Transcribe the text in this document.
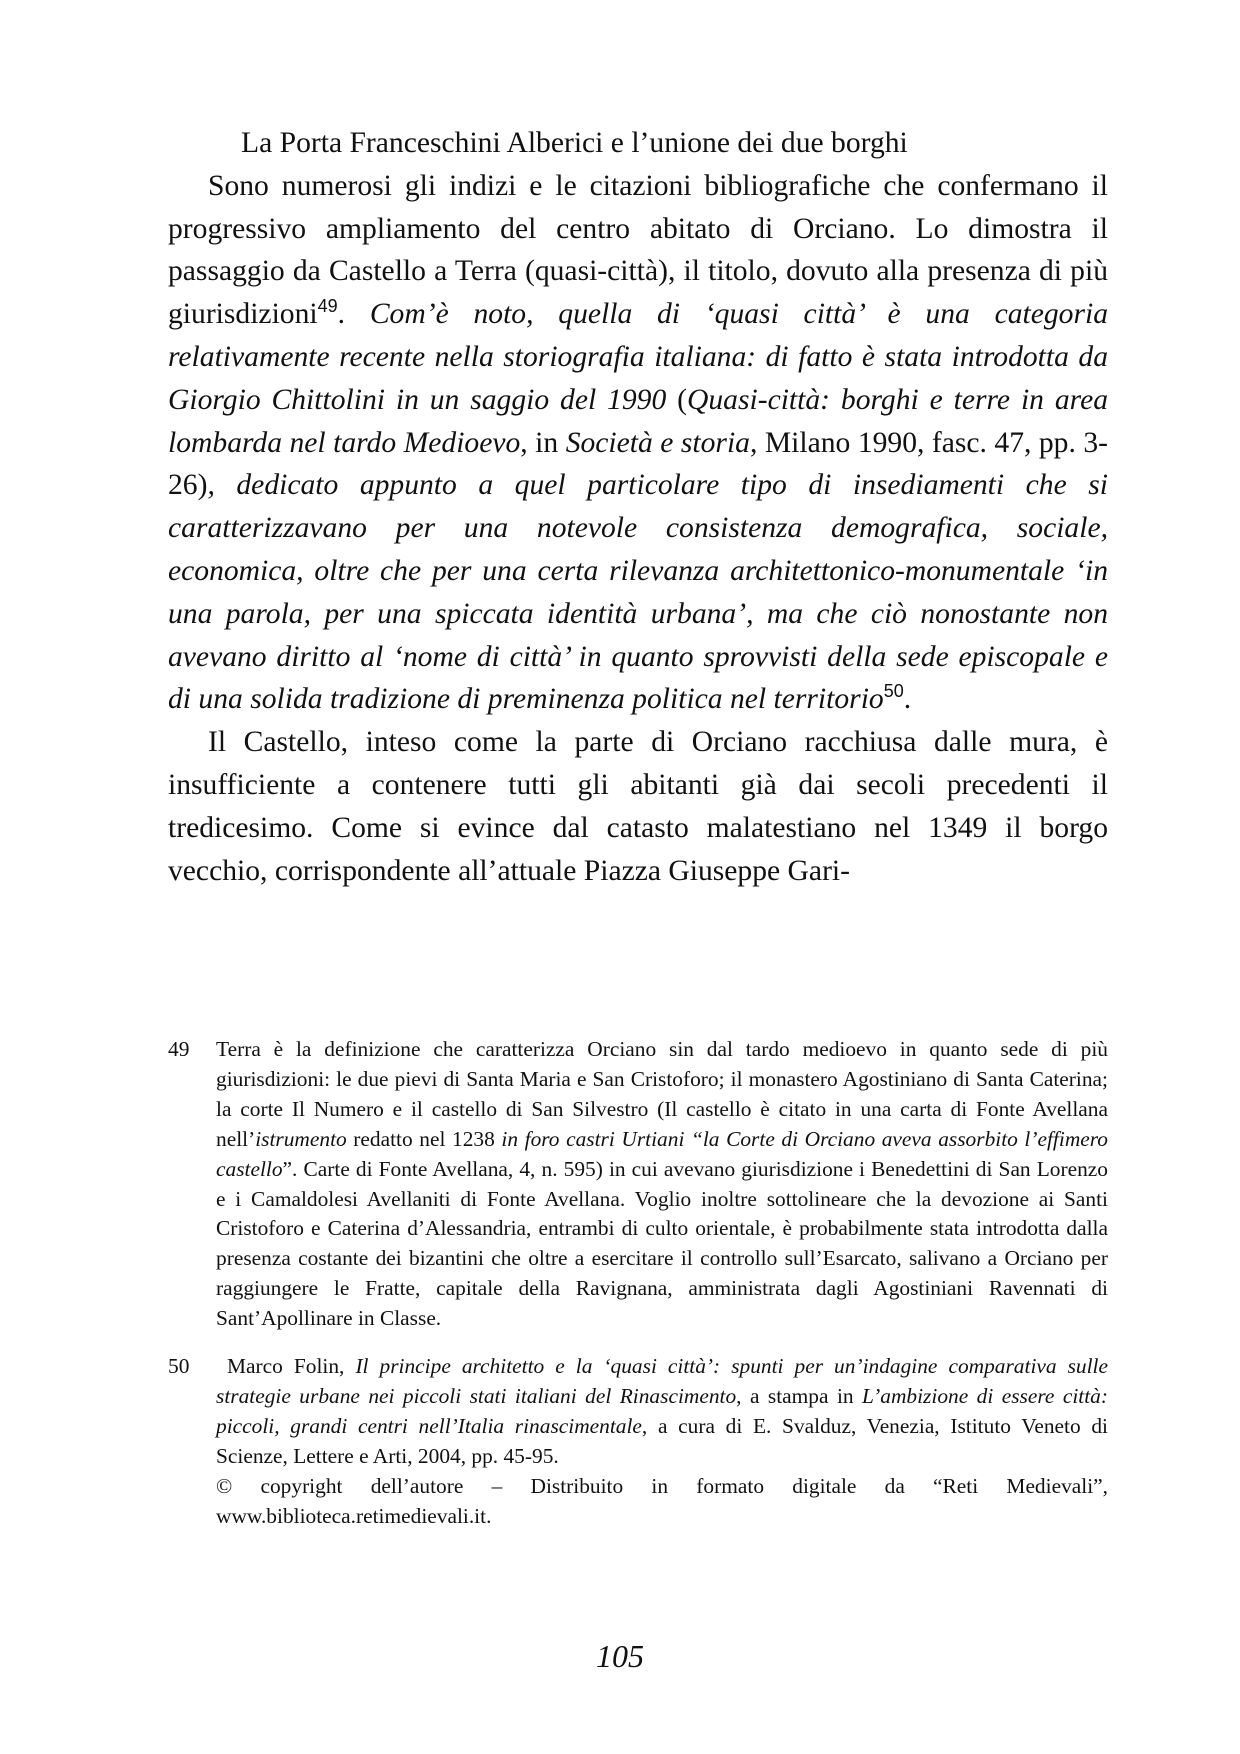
La Porta Franceschini Alberici e l’unione dei due borghi

Sono numerosi gli indizi e le citazioni bibliografiche che confermano il progressivo ampliamento del centro abitato di Orciano. Lo dimostra il passaggio da Castello a Terra (quasi-città), il titolo, dovuto alla presenza di più giurisdizioni$^{49}$. Com’è noto, quella di ‘quasi città’ è una categoria relativamente recente nella storiografia italiana: di fatto è stata introdotta da Giorgio Chittolini in un saggio del 1990 (Quasi-città: borghi e terre in area lombarda nel tardo Medioevo, in Società e storia, Milano 1990, fasc. 47, pp. 3-26), dedicato appunto a quel particolare tipo di insediamenti che si caratterizzavano per una notevole consistenza demografica, sociale, economica, oltre che per una certa rilevanza architettonico-monumentale ‘in una parola, per una spiccata identità urbana’, ma che ciò nonostante non avevano diritto al ‘nome di città’ in quanto sprovvisti della sede episcopale e di una solida tradizione di preminenza politica nel territorio$^{50}$.

Il Castello, inteso come la parte di Orciano racchiusa dalle mura, è insufficiente a contenere tutti gli abitanti già dai secoli precedenti il tredicesimo. Come si evince dal catasto malatestiano nel 1349 il borgo vecchio, corrispondente all’attuale Piazza Giuseppe Gari-

49 Terra è la definizione che caratterizza Orciano sin dal tardo medioevo in quanto sede di più giurisdizioni: le due pievi di Santa Maria e San Cristoforo; il monastero Agostiniano di Santa Caterina; la corte Il Numero e il castello di San Silvestro (Il castello è citato in una carta di Fonte Avellana nell’istrumento redatto nel 1238 in foro castri Urtiani “la Corte di Orciano aveva assorbito l’effimero castello”. Carte di Fonte Avellana, 4, n. 595) in cui avevano giurisdizione i Benedettini di San Lorenzo e i Camaldolesi Avellaniti di Fonte Avellana. Voglio inoltre sottolineare che la devozione ai Santi Cristoforo e Caterina d’Alessandria, entrambi di culto orientale, è probabilmente stata introdotta dalla presenza costante dei bizantini che oltre a esercitare il controllo sull’Esarcato, salivano a Orciano per raggiungere le Fratte, capitale della Ravignana, amministrata dagli Agostiniani Ravennati di Sant’Apollinare in Classe.
50	Marco Folin, Il principe architetto e la ‘quasi città’: spunti per un’indagine comparativa sulle strategie urbane nei piccoli stati italiani del Rinascimento, a stampa in L’ambizione di essere città: piccoli, grandi centri nell’Italia rinascimentale, a cura di E. Svalduz, Venezia, Istituto Veneto di Scienze, Lettere e Arti, 2004, pp. 45-95.
© copyright dell’autore – Distribuito in formato digitale da “Reti Medievali”, www.biblioteca.retimedievali.it.
105
